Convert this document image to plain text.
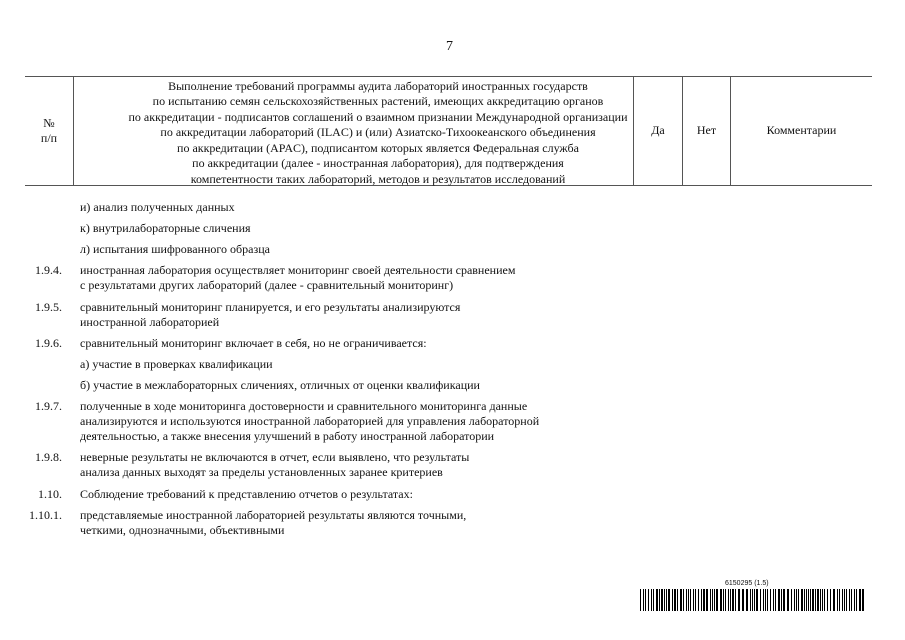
7
№
п/п
Выполнение требований программы аудита лабораторий иностранных государств
по испытанию семян сельскохозяйственных растений, имеющих аккредитацию органов
по аккредитации - подписантов соглашений о взаимном признании Международной организации
по аккредитации лабораторий (ILAC) и (или) Азиатско-Тихоокеанского объединения
по аккредитации (APAC), подписантом которых является Федеральная служба
по аккредитации (далее - иностранная лаборатория), для подтверждения
компетентности таких лабораторий, методов и результатов исследований
Да	Нет	Комментарии
и) анализ полученных данных
к) внутрилабораторные сличения
л) испытания шифрованного образца
1.9.4. иностранная лаборатория осуществляет мониторинг своей деятельности сравнением
с результатами других лабораторий (далее - сравнительный мониторинг)
1.9.5. сравнительный мониторинг планируется, и его результаты анализируются
иностранной лабораторией
1.9.6. сравнительный мониторинг включает в себя, но не ограничивается:
а) участие в проверках квалификации
б) участие в межлабораторных сличениях, отличных от оценки квалификации
1.9.7. полученные в ходе мониторинга достоверности и сравнительного мониторинга данные
анализируются и используются иностранной лабораторией для управления лабораторной
деятельностью, а также внесения улучшений в работу иностранной лаборатории
1.9.8. неверные результаты не включаются в отчет, если выявлено, что результаты
анализа данных выходят за пределы установленных заранее критериев
1.10. Соблюдение требований к представлению отчетов о результатах:
1.10.1. представляемые иностранной лабораторией результаты являются точными,
четкими, однозначными, объективными
6150295 (1.5)
